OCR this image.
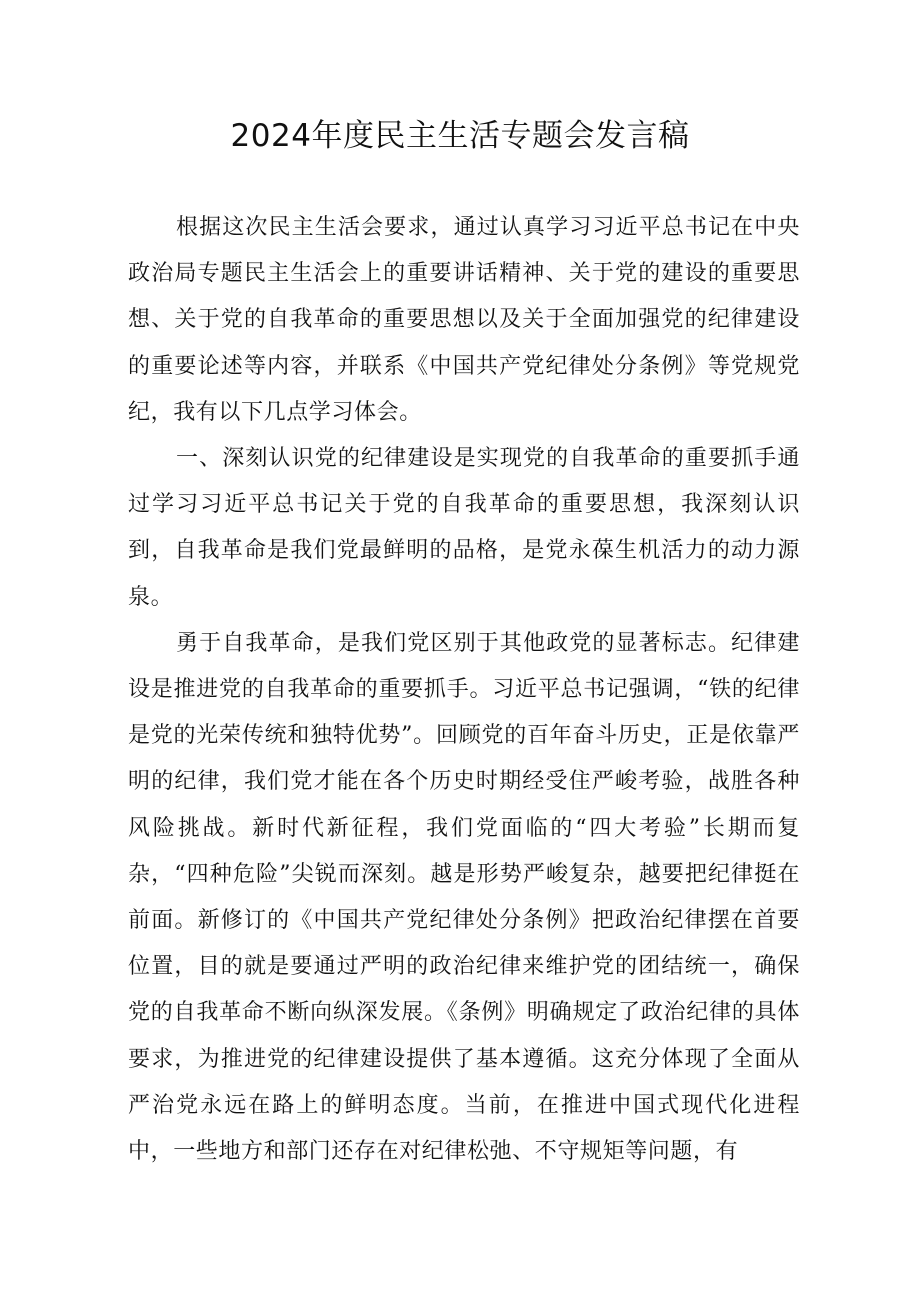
2024年度民主生活专题会发言稿

根据这次民主生活会要求，通过认真学习习近平总书记在中央政治局专题民主生活会上的重要讲话精神、关于党的建设的重要思想、关于党的自我革命的重要思想以及关于全面加强党的纪律建设的重要论述等内容，并联系《中国共产党纪律处分条例》等党规党纪，我有以下几点学习体会。

一、深刻认识党的纪律建设是实现党的自我革命的重要抓手通过学习习近平总书记关于党的自我革命的重要思想，我深刻认识到，自我革命是我们党最鲜明的品格，是党永葆生机活力的动力源泉。

勇于自我革命，是我们党区别于其他政党的显著标志。纪律建设是推进党的自我革命的重要抓手。习近平总书记强调，“铁的纪律是党的光荣传统和独特优势”。回顾党的百年奋斗历史，正是依靠严明的纪律，我们党才能在各个历史时期经受住严峻考验，战胜各种风险挑战。新时代新征程，我们党面临的“四大考验”长期而复杂，“四种危险”尖锐而深刻。越是形势严峻复杂，越要把纪律挺在前面。新修订的《中国共产党纪律处分条例》把政治纪律摆在首要位置，目的就是要通过严明的政治纪律来维护党的团结统一，确保党的自我革命不断向纵深发展。《条例》明确规定了政治纪律的具体要求，为推进党的纪律建设提供了基本遵循。这充分体现了全面从严治党永远在路上的鲜明态度。当前，在推进中国式现代化进程中，一些地方和部门还存在对纪律松弛、不守规矩等问题，有
